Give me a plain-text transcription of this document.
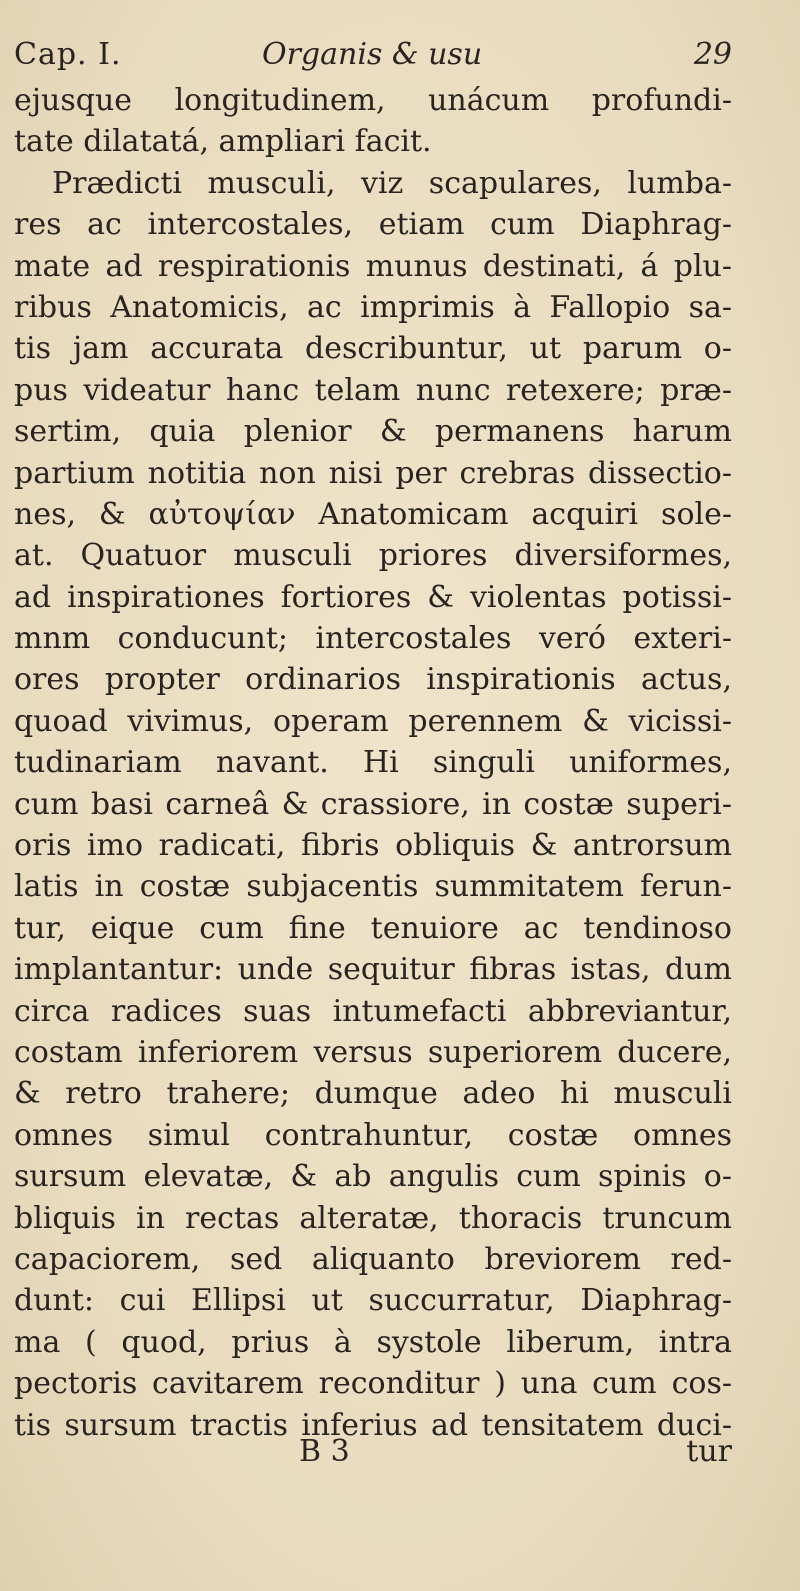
Cap. I.	Organis & usu	29
ejusque longitudinem, unácum profundi-
tate dilatatá, ampliari facit.
Prædicti musculi, viz scapulares, lumba-
res ac intercostales, etiam cum Diaphrag-
mate ad respirationis munus destinati, á plu-
ribus Anatomicis, ac imprimis à Fallopio sa-
tis jam accurata describuntur, ut parum o-
pus videatur hanc telam nunc retexere; præ-
sertim, quia plenior & permanens harum
partium notitia non nisi per crebras dissectio-
nes, & αὐτοψίαν Anatomicam acquiri sole-
at. Quatuor musculi priores diversiformes,
ad inspirationes fortiores & violentas potissi-
mnm conducunt; intercostales veró exteri-
ores propter ordinarios inspirationis actus,
quoad vivimus, operam perennem & vicissi-
tudinariam navant. Hi singuli uniformes,
cum basi carneâ & crassiore, in costæ superi-
oris imo radicati, fibris obliquis & antrorsum
latis in costæ subjacentis summitatem ferun-
tur, eique cum fine tenuiore ac tendinoso
implantantur: unde sequitur fibras istas, dum
circa radices suas intumefacti abbreviantur,
costam inferiorem versus superiorem ducere,
& retro trahere; dumque adeo hi musculi
omnes simul contrahuntur, costæ omnes
sursum elevatæ, & ab angulis cum spinis o-
bliquis in rectas alteratæ, thoracis truncum
capaciorem, sed aliquanto breviorem red-
dunt: cui Ellipsi ut succurratur, Diaphrag-
ma ( quod, prius à systole liberum, intra
pectoris cavitarem reconditur ) una cum cos-
tis sursum tractis inferius ad tensitatem duci-
B 3	tur
